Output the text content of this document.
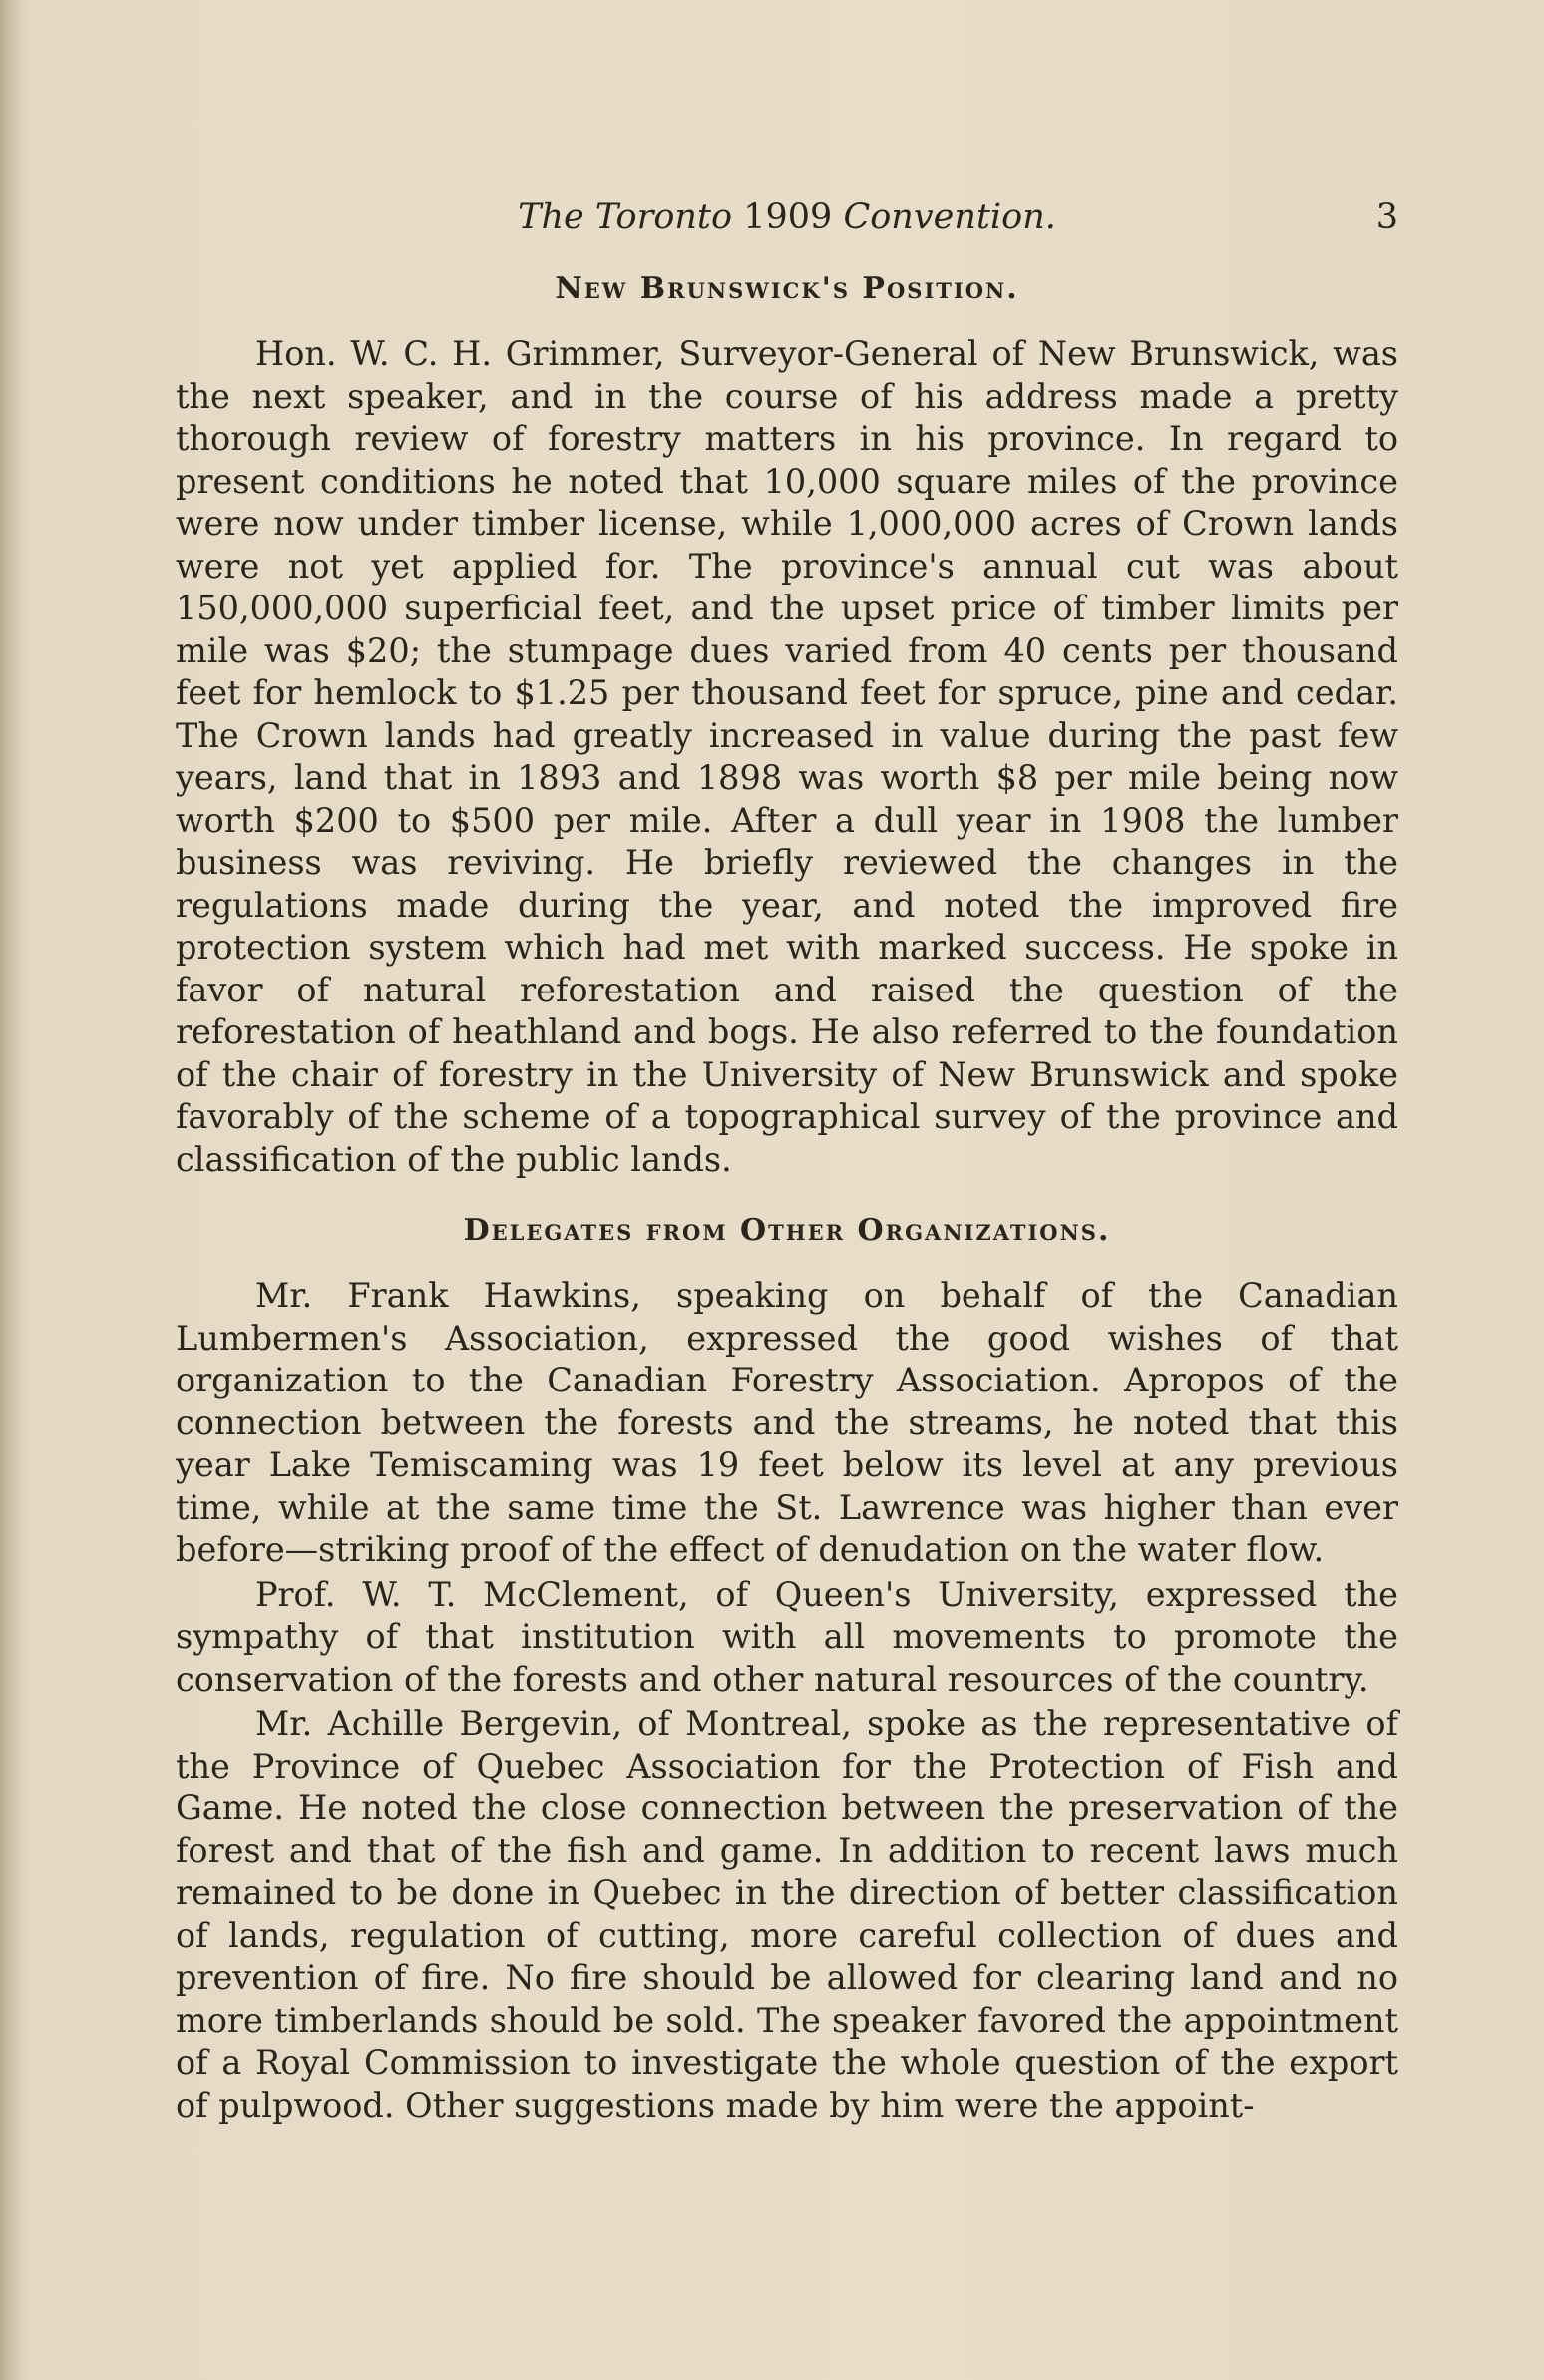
The Toronto 1909 Convention.	3
New Brunswick's Position.

Hon. W. C. H. Grimmer, Surveyor-General of New Brunswick, was the next speaker, and in the course of his address made a pretty thorough review of forestry matters in his province. In regard to present conditions he noted that 10,000 square miles of the province were now under timber license, while 1,000,000 acres of Crown lands were not yet applied for. The province's annual cut was about 150,000,000 superficial feet, and the upset price of timber limits per mile was $20; the stumpage dues varied from 40 cents per thousand feet for hemlock to $1.25 per thousand feet for spruce, pine and cedar. The Crown lands had greatly increased in value during the past few years, land that in 1893 and 1898 was worth $8 per mile being now worth $200 to $500 per mile. After a dull year in 1908 the lumber business was reviving. He briefly reviewed the changes in the regulations made during the year, and noted the improved fire protection system which had met with marked success. He spoke in favor of natural reforestation and raised the question of the reforestation of heathland and bogs. He also referred to the foundation of the chair of forestry in the University of New Brunswick and spoke favorably of the scheme of a topographical survey of the province and classification of the public lands.

Delegates from Other Organizations.

Mr. Frank Hawkins, speaking on behalf of the Canadian Lumbermen's Association, expressed the good wishes of that organization to the Canadian Forestry Association. Apropos of the connection between the forests and the streams, he noted that this year Lake Temiscaming was 19 feet below its level at any previous time, while at the same time the St. Lawrence was higher than ever before—striking proof of the effect of denudation on the water flow.

Prof. W. T. McClement, of Queen's University, expressed the sympathy of that institution with all movements to promote the conservation of the forests and other natural resources of the country.

Mr. Achille Bergevin, of Montreal, spoke as the representative of the Province of Quebec Association for the Protection of Fish and Game. He noted the close connection between the preservation of the forest and that of the fish and game. In addition to recent laws much remained to be done in Quebec in the direction of better classification of lands, regulation of cutting, more careful collection of dues and prevention of fire. No fire should be allowed for clearing land and no more timberlands should be sold. The speaker favored the appointment of a Royal Commission to investigate the whole question of the export of pulpwood. Other suggestions made by him were the appoint-
